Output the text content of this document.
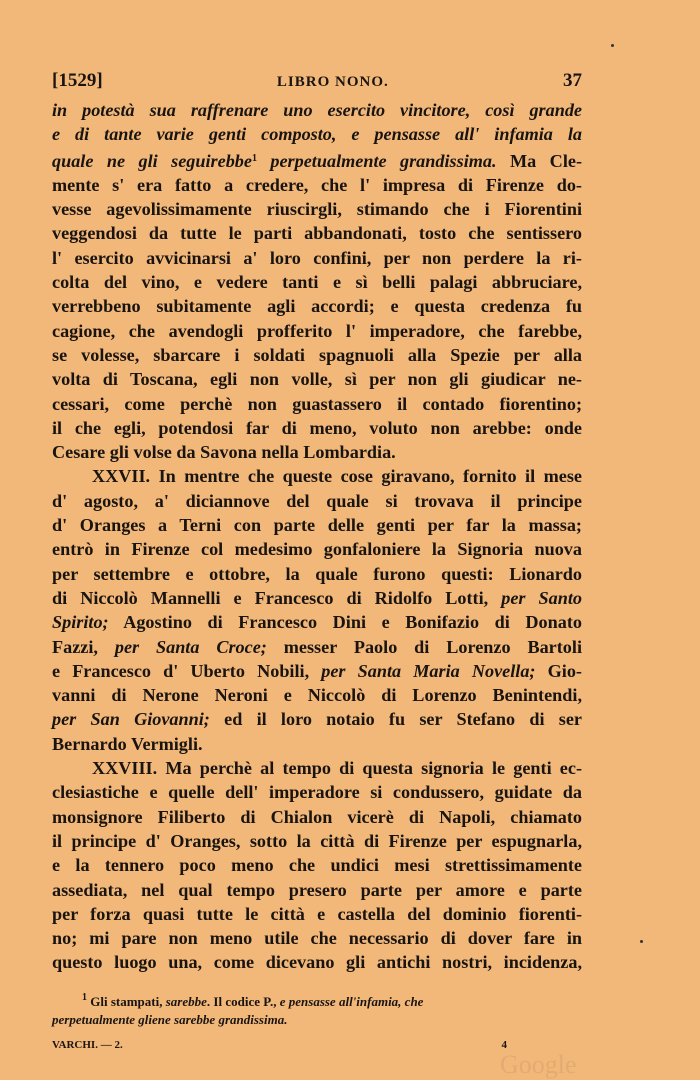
[1529]	LIBRO NONO.	37
in potestà sua raffrenare uno esercito vincitore, così grande
e di tante varie genti composto, e pensasse all' infamia la
quale ne gli seguirebbe$^1$ perpetualmente grandissima. Ma Cle-
mente s' era fatto a credere, che l' impresa di Firenze do-
vesse agevolissimamente riuscirgli, stimando che i Fiorentini
veggendosi da tutte le parti abbandonati, tosto che sentissero
l' esercito avvicinarsi a' loro confini, per non perdere la ri-
colta del vino, e vedere tanti e sì belli palagi abbruciare,
verrebbeno subitamente agli accordi; e questa credenza fu
cagione, che avendogli profferito l' imperadore, che farebbe,
se volesse, sbarcare i soldati spagnuoli alla Spezie per alla
volta di Toscana, egli non volle, sì per non gli giudicar ne-
cessari, come perchè non guastassero il contado fiorentino;
il che egli, potendosi far di meno, voluto non arebbe: onde
Cesare gli volse da Savona nella Lombardia.
XXVII. In mentre che queste cose giravano, fornito il mese
d' agosto, a' diciannove del quale si trovava il principe
d' Oranges a Terni con parte delle genti per far la massa;
entrò in Firenze col medesimo gonfaloniere la Signoria nuova
per settembre e ottobre, la quale furono questi: Lionardo
di Niccolò Mannelli e Francesco di Ridolfo Lotti, per Santo
Spirito; Agostino di Francesco Dini e Bonifazio di Donato
Fazzi, per Santa Croce; messer Paolo di Lorenzo Bartoli
e Francesco d' Uberto Nobili, per Santa Maria Novella; Gio-
vanni di Nerone Neroni e Niccolò di Lorenzo Benintendi,
per San Giovanni; ed il loro notaio fu ser Stefano di ser
Bernardo Vermigli.
XXVIII. Ma perchè al tempo di questa signoria le genti ec-
clesiastiche e quelle dell' imperadore si condussero, guidate da
monsignore Filiberto di Chialon vicerè di Napoli, chiamato
il principe d' Oranges, sotto la città di Firenze per espugnarla,
e la tennero poco meno che undici mesi strettissimamente
assediata, nel qual tempo presero parte per amore e parte
per forza quasi tutte le città e castella del dominio fiorenti-
no; mi pare non meno utile che necessario di dover fare in
questo luogo una, come dicevano gli antichi nostri, incidenza,
$^1$ Gli stampati, sarebbe. Il codice P., e pensasse all'infamia, che
perpetualmente gliene sarebbe grandissima.
VARCHI. — 2.	4
Google
